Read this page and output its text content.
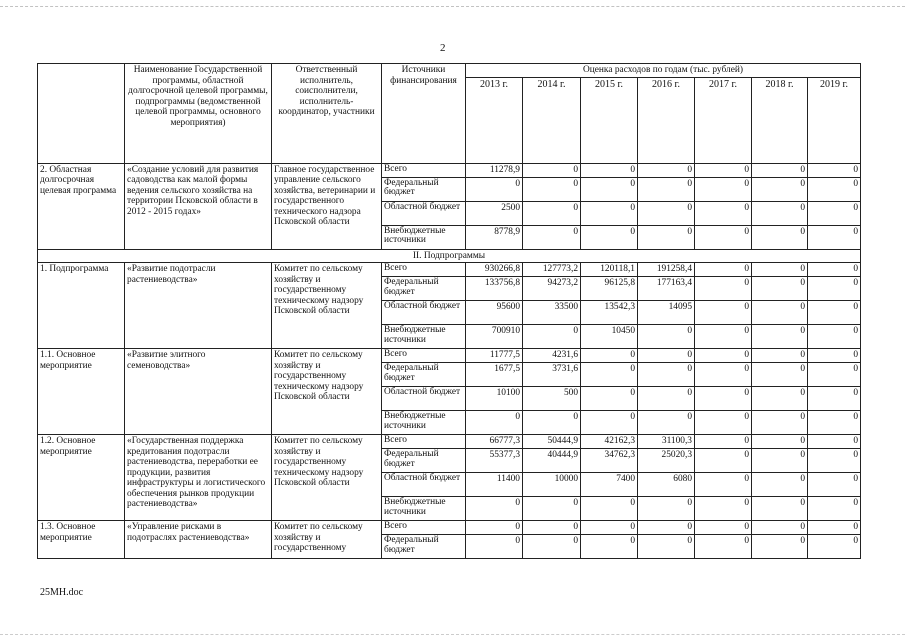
2
	Наименование Государственной программы, областной долгосрочной целевой программы, подпрограммы (ведомственной целевой программы, основного мероприятия)	Ответственный исполнитель, соисполнители, исполнитель-координатор, участники	Источники финансирования	Оценка расходов по годам (тыс. рублей)						
				2013 г.	2014 г.	2015 г.	2016 г.	2017 г.	2018 г.	2019 г.
2. Областная долгосрочная целевая программа	«Создание условий для развития садоводства как малой формы ведения сельского хозяйства на территории Псковской области в 2012 - 2015 годах»	Главное государственное управление сельского хозяйства, ветеринарии и государственного технического надзора Псковской области	Всего	11278,9	0	0	0	0	0	0
			Федеральный бюджет	0	0	0	0	0	0	0
			Областной бюджет	2500	0	0	0	0	0	0
			Внебюджетные источники	8778,9	0	0	0	0	0	0
II. Подпрограммы										
1. Подпрограмма	«Развитие подотрасли растениеводства»	Комитет по сельскому хозяйству и государственному техническому надзору Псковской области	Всего	930266,8	127773,2	120118,1	191258,4	0	0	0
			Федеральный бюджет	133756,8	94273,2	96125,8	177163,4	0	0	0
			Областной бюджет	95600	33500	13542,3	14095	0	0	0
			Внебюджетные источники	700910	0	10450	0	0	0	0
1.1. Основное мероприятие	«Развитие элитного семеноводства»	Комитет по сельскому хозяйству и государственному техническому надзору Псковской области	Всего	11777,5	4231,6	0	0	0	0	0
			Федеральный бюджет	1677,5	3731,6	0	0	0	0	0
			Областной бюджет	10100	500	0	0	0	0	0
			Внебюджетные источники	0	0	0	0	0	0	0
1.2. Основное мероприятие	«Государственная поддержка кредитования подотрасли растениеводства, переработки ее продукции, развития инфраструктуры и логистического обеспечения рынков продукции растениеводства»	Комитет по сельскому хозяйству и государственному техническому надзору Псковской области	Всего	66777,3	50444,9	42162,3	31100,3	0	0	0
			Федеральный бюджет	55377,3	40444,9	34762,3	25020,3	0	0	0
			Областной бюджет	11400	10000	7400	6080	0	0	0
			Внебюджетные источники	0	0	0	0	0	0	0
1.3. Основное мероприятие	«Управление рисками в подотраслях растениеводства»	Комитет по сельскому хозяйству и государственному	Всего	0	0	0	0	0	0	0
			Федеральный бюджет	0	0	0	0	0	0	0
25MH.doc
